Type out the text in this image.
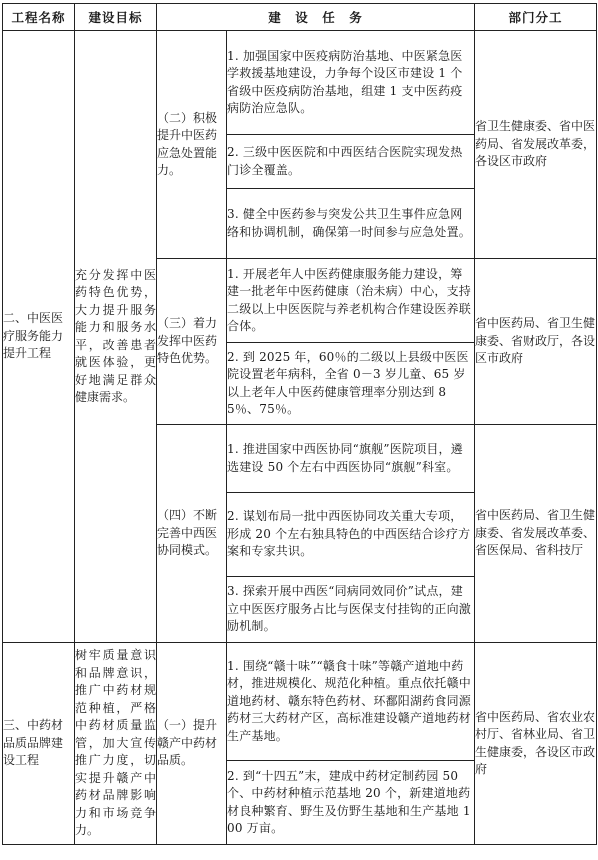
工程名称	建设目标	建　设　任　务		部门分工
二、中医医疗服务能力提升工程	充分发挥中医药特色优势，大力提升服务能力和服务水平，改善患者就医体验，更好地满足群众健康需求。	（二）积极提升中医药应急处置能力。	1. 加强国家中医疫病防治基地、中医紧急医学救援基地建设，力争每个设区市建设 1 个省级中医疫病防治基地，组建 1 支中医药疫病防治应急队。	省卫生健康委、省中医药局、省发展改革委，各设区市政府
			2. 三级中医医院和中西医结合医院实现发热门诊全覆盖。	
			3. 健全中医药参与突发公共卫生事件应急网络和协调机制，确保第一时间参与应急处置。	
		（三）着力发挥中医药特色优势。	1. 开展老年人中医药健康服务能力建设，筹建一批老年中医药健康（治未病）中心，支持二级以上中医医院与养老机构合作建设医养联合体。	省中医药局、省卫生健康委、省财政厅，各设区市政府
			2. 到 2025 年，60％的二级以上县级中医医院设置老年病科，全省 0－3 岁儿童、65 岁以上老年人中医药健康管理率分别达到 85％、75％。	
		（四）不断完善中西医协同模式。	1. 推进国家中西医协同“旗舰”医院项目，遴选建设 50 个左右中西医协同“旗舰”科室。	省中医药局、省卫生健康委、省发展改革委、省医保局、省科技厅
			2. 谋划布局一批中西医协同攻关重大专项，形成 20 个左右独具特色的中西医结合诊疗方案和专家共识。	
			3. 探索开展中西医“同病同效同价”试点，建立中医医疗服务占比与医保支付挂钩的正向激励机制。	
三、中药材品质品牌建设工程	树牢质量意识和品牌意识，推广中药材规范种植，严格中药材质量监管，加大宣传推广力度，切实提升赣产中药材品牌影响力和市场竞争力。	（一）提升赣产中药材品质。	1. 围绕“赣十味”“赣食十味”等赣产道地中药材，推进规模化、规范化种植。重点依托赣中道地药材、赣东特色药材、环鄱阳湖药食同源药材三大药材产区，高标准建设赣产道地药材生产基地。	省中医药局、省农业农村厅、省林业局、省卫生健康委，各设区市政府
			2. 到“十四五”末，建成中药材定制药园 50 个、中药材种植示范基地 20 个，新建道地药材良种繁育、野生及仿野生基地和生产基地 100 万亩。	
